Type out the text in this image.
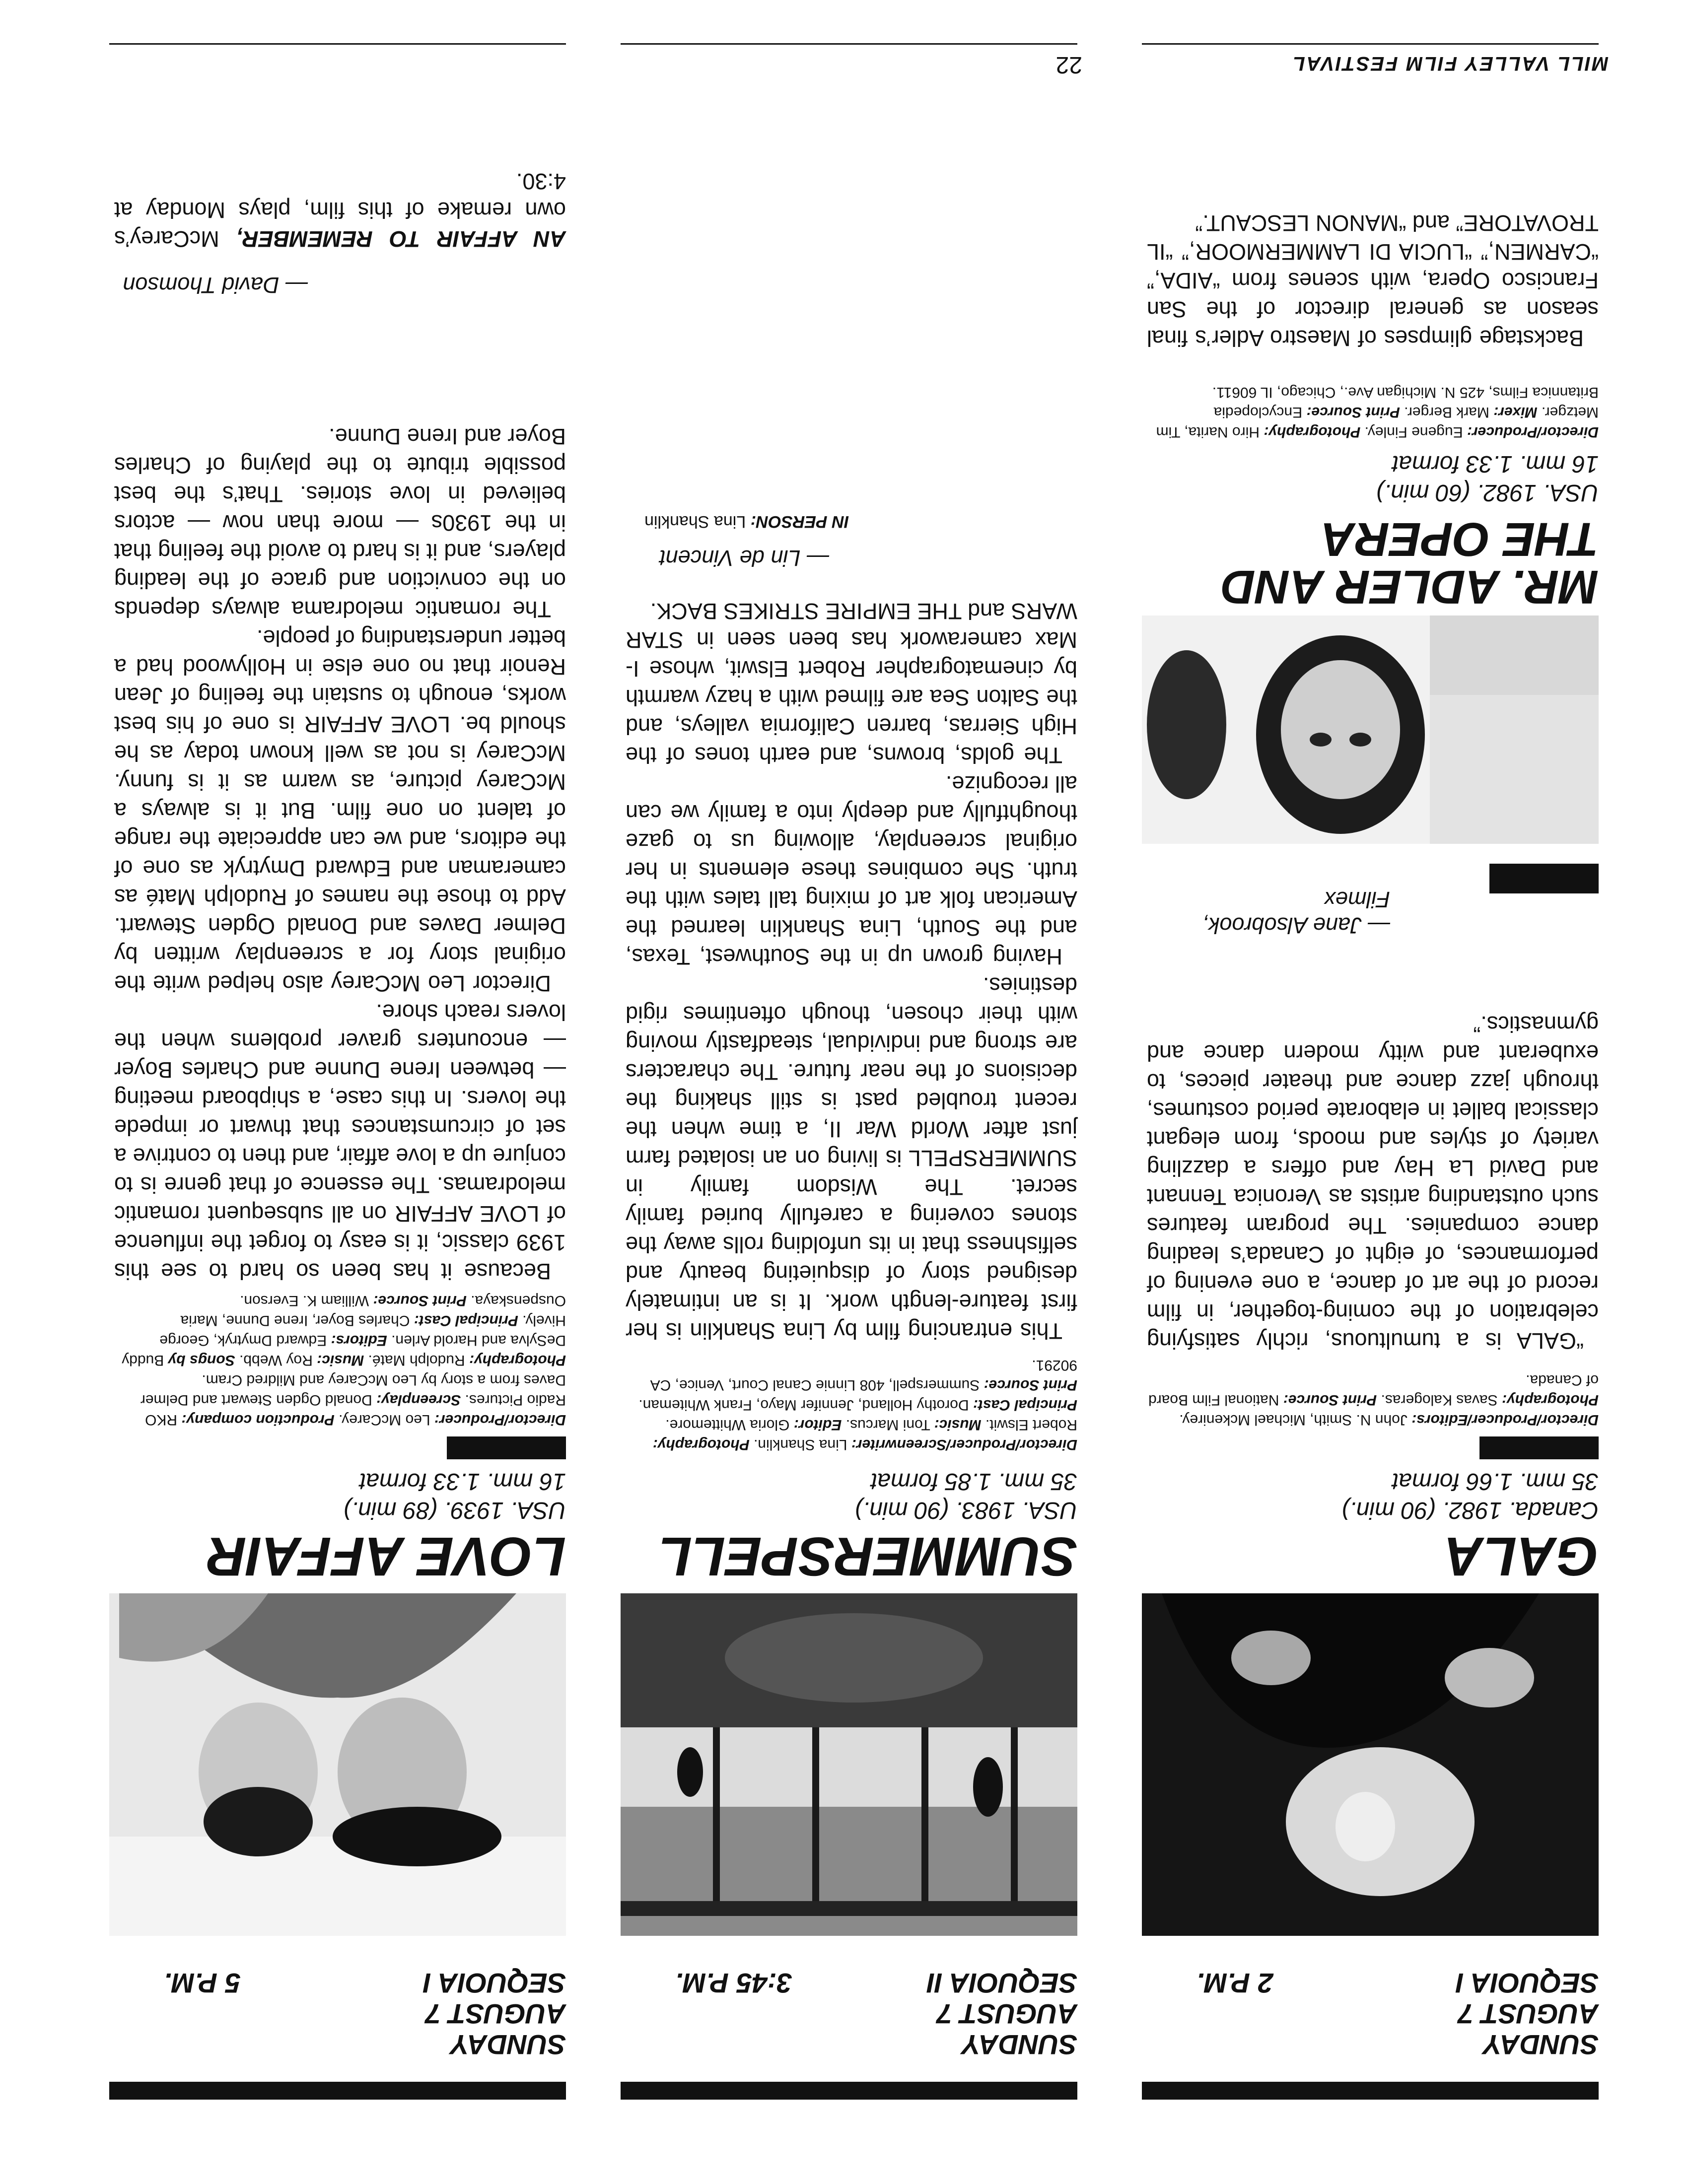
MILL VALLEY FILM FESTIVAL
22
SUNDAY
AUGUST 7
SEQUOIA I
2 P.M.
GALA
Canada. 1982. (90 min.)
35 mm. 1.66 format
Director/Producer/Editors: John N. Smith, Michael Mckenirey. Photography: Savas Kalogeras. Print Source: National Film Board of Canada.

“GALA is a tumultuous, richly satisfying celebration of the coming-together, in film record of the art of dance, a one evening of performances, of eight of Canada’s leading dance companies. The program features such outstanding artists as Veronica Tennant and David La Hay and offers a dazzling variety of styles and moods, from elegant classical ballet in elaborate period costumes, through jazz dance and theater pieces, to exuberant and witty modern dance and gymnastics.”

— Jane Alsobrook, Filmex
MR. ADLER AND THE OPERA
USA. 1982. (60 min.)
16 mm. 1.33 format
Director/Producer: Eugene Finley. Photography: Hiro Narita, Tim Metzger. Mixer: Mark Berger. Print Source: Encyclopedia Britannica Films, 425 N. Michigan Ave., Chicago, IL 60611.

Backstage glimpses of Maestro Adler’s final season as general director of the San Francisco Opera, with scenes from “AIDA,” “CARMEN,” “LUCIA DI LAMMERMOOR,” “IL TROVATORE” and “MANON LESCAUT.”

SUNDAY
AUGUST 7
SEQUOIA II
3:45 P.M.
SUMMERSPELL
USA. 1983. (90 min.)
35 mm. 1.85 format
Director/Producer/Screenwriter: Lina Shanklin. Photography: Robert Elswit. Music: Toni Marcus. Editor: Gloria Whittemore. Principal Cast: Dorothy Holland, Jennifer Mayo, Frank Whiteman. Print Source: Summerspell, 408 Linnie Canal Court, Venice, CA 90291.

This entrancing film by Lina Shanklin is her first feature-length work. It is an intimately designed story of disquieting beauty and selfishness that in its unfolding rolls away the stones covering a carefully buried family secret. The Wisdom family in SUMMERSPELL is living on an isolated farm just after World War II, a time when the recent troubled past is still shaking the decisions of the near future. The characters are strong and individual, steadfastly moving with their chosen, though oftentimes rigid destinies.

Having grown up in the Southwest, Texas, and the South, Lina Shanklin learned the American folk art of mixing tall tales with the truth. She combines these elements in her original screenplay, allowing us to gaze thoughtfully and deeply into a family we can all recognize.

The golds, browns, and earth tones of the High Sierras, barren California valleys, and the Salton Sea are filmed with a hazy warmth by cinematographer Robert Elswit, whose I-Max camerawork has been seen in STAR WARS and THE EMPIRE STRIKES BACK.

— Lin de Vincent
IN PERSON: Lina Shanklin
SUNDAY
AUGUST 7
SEQUOIA I
5 P.M.
LOVE AFFAIR
USA. 1939. (89 min.)
16 mm. 1.33 format
Director/Producer: Leo McCarey. Production company: RKO Radio Pictures. Screenplay: Donald Ogden Stewart and Delmer Daves from a story by Leo McCarey and Mildred Cram. Photography: Rudolph Maté. Music: Roy Webb. Songs by Buddy DeSylva and Harold Arlen. Editors: Edward Dmytryk, George Hively. Principal Cast: Charles Boyer, Irene Dunne, Maria Ouspenskaya. Print Source: William K. Everson.

Because it has been so hard to see this 1939 classic, it is easy to forget the influence of LOVE AFFAIR on all subsequent romantic melodramas. The essence of that genre is to conjure up a love affair, and then to contrive a set of circumstances that thwart or impede the lovers. In this case, a shipboard meeting — between Irene Dunne and Charles Boyer — encounters graver problems when the lovers reach shore.

Director Leo McCarey also helped write the original story for a screenplay written by Delmer Daves and Donald Ogden Stewart. Add to those the names of Rudolph Maté as cameraman and Edward Dmytryk as one of the editors, and we can appreciate the range of talent on one film. But it is always a McCarey picture, as warm as it is funny. McCarey is not as well known today as he should be. LOVE AFFAIR is one of his best works, enough to sustain the feeling of Jean Renoir that no one else in Hollywood had a better understanding of people.

The romantic melodrama always depends on the conviction and grace of the leading players, and it is hard to avoid the feeling that in the 1930s — more than now — actors believed in love stories. That’s the best possible tribute to the playing of Charles Boyer and Irene Dunne.

— David Thomson
AN AFFAIR TO REMEMBER, McCarey’s own remake of this film, plays Monday at 4:30.
